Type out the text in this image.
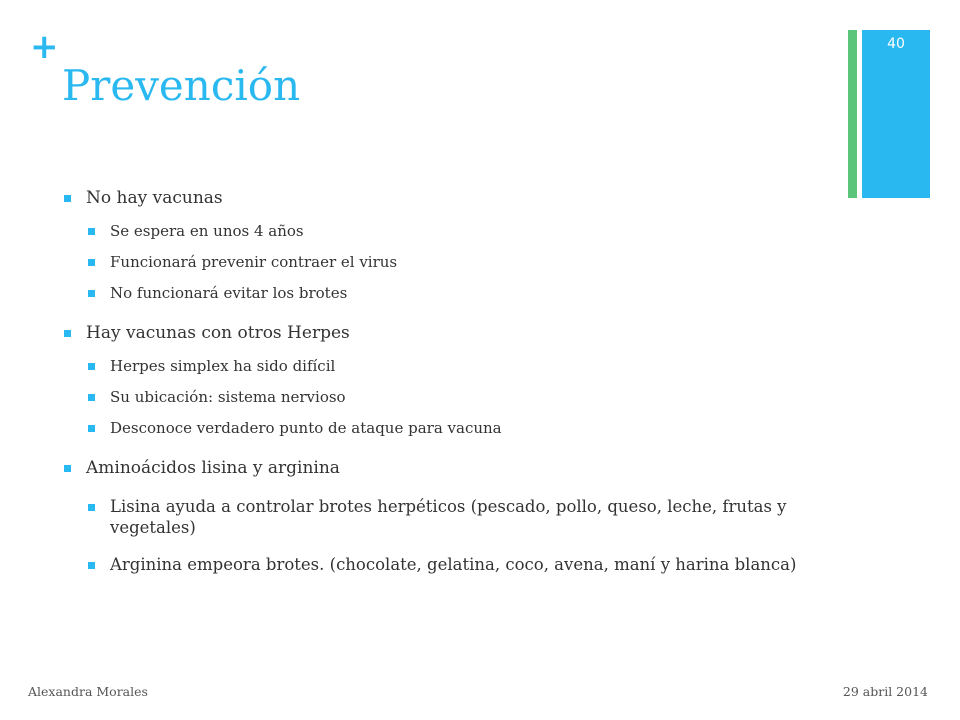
+
Prevención
40
No hay vacunas
Se espera en unos 4 años
Funcionará prevenir contraer el virus
No funcionará evitar los brotes
Hay vacunas con otros Herpes
Herpes simplex ha sido difícil
Su ubicación: sistema nervioso
Desconoce verdadero punto de ataque para vacuna
Aminoácidos lisina y arginina
Lisina ayuda a controlar brotes herpéticos (pescado, pollo, queso, leche, frutas y vegetales)
Arginina empeora brotes. (chocolate, gelatina, coco, avena, maní y harina blanca)
Alexandra Morales	29 abril 2014
